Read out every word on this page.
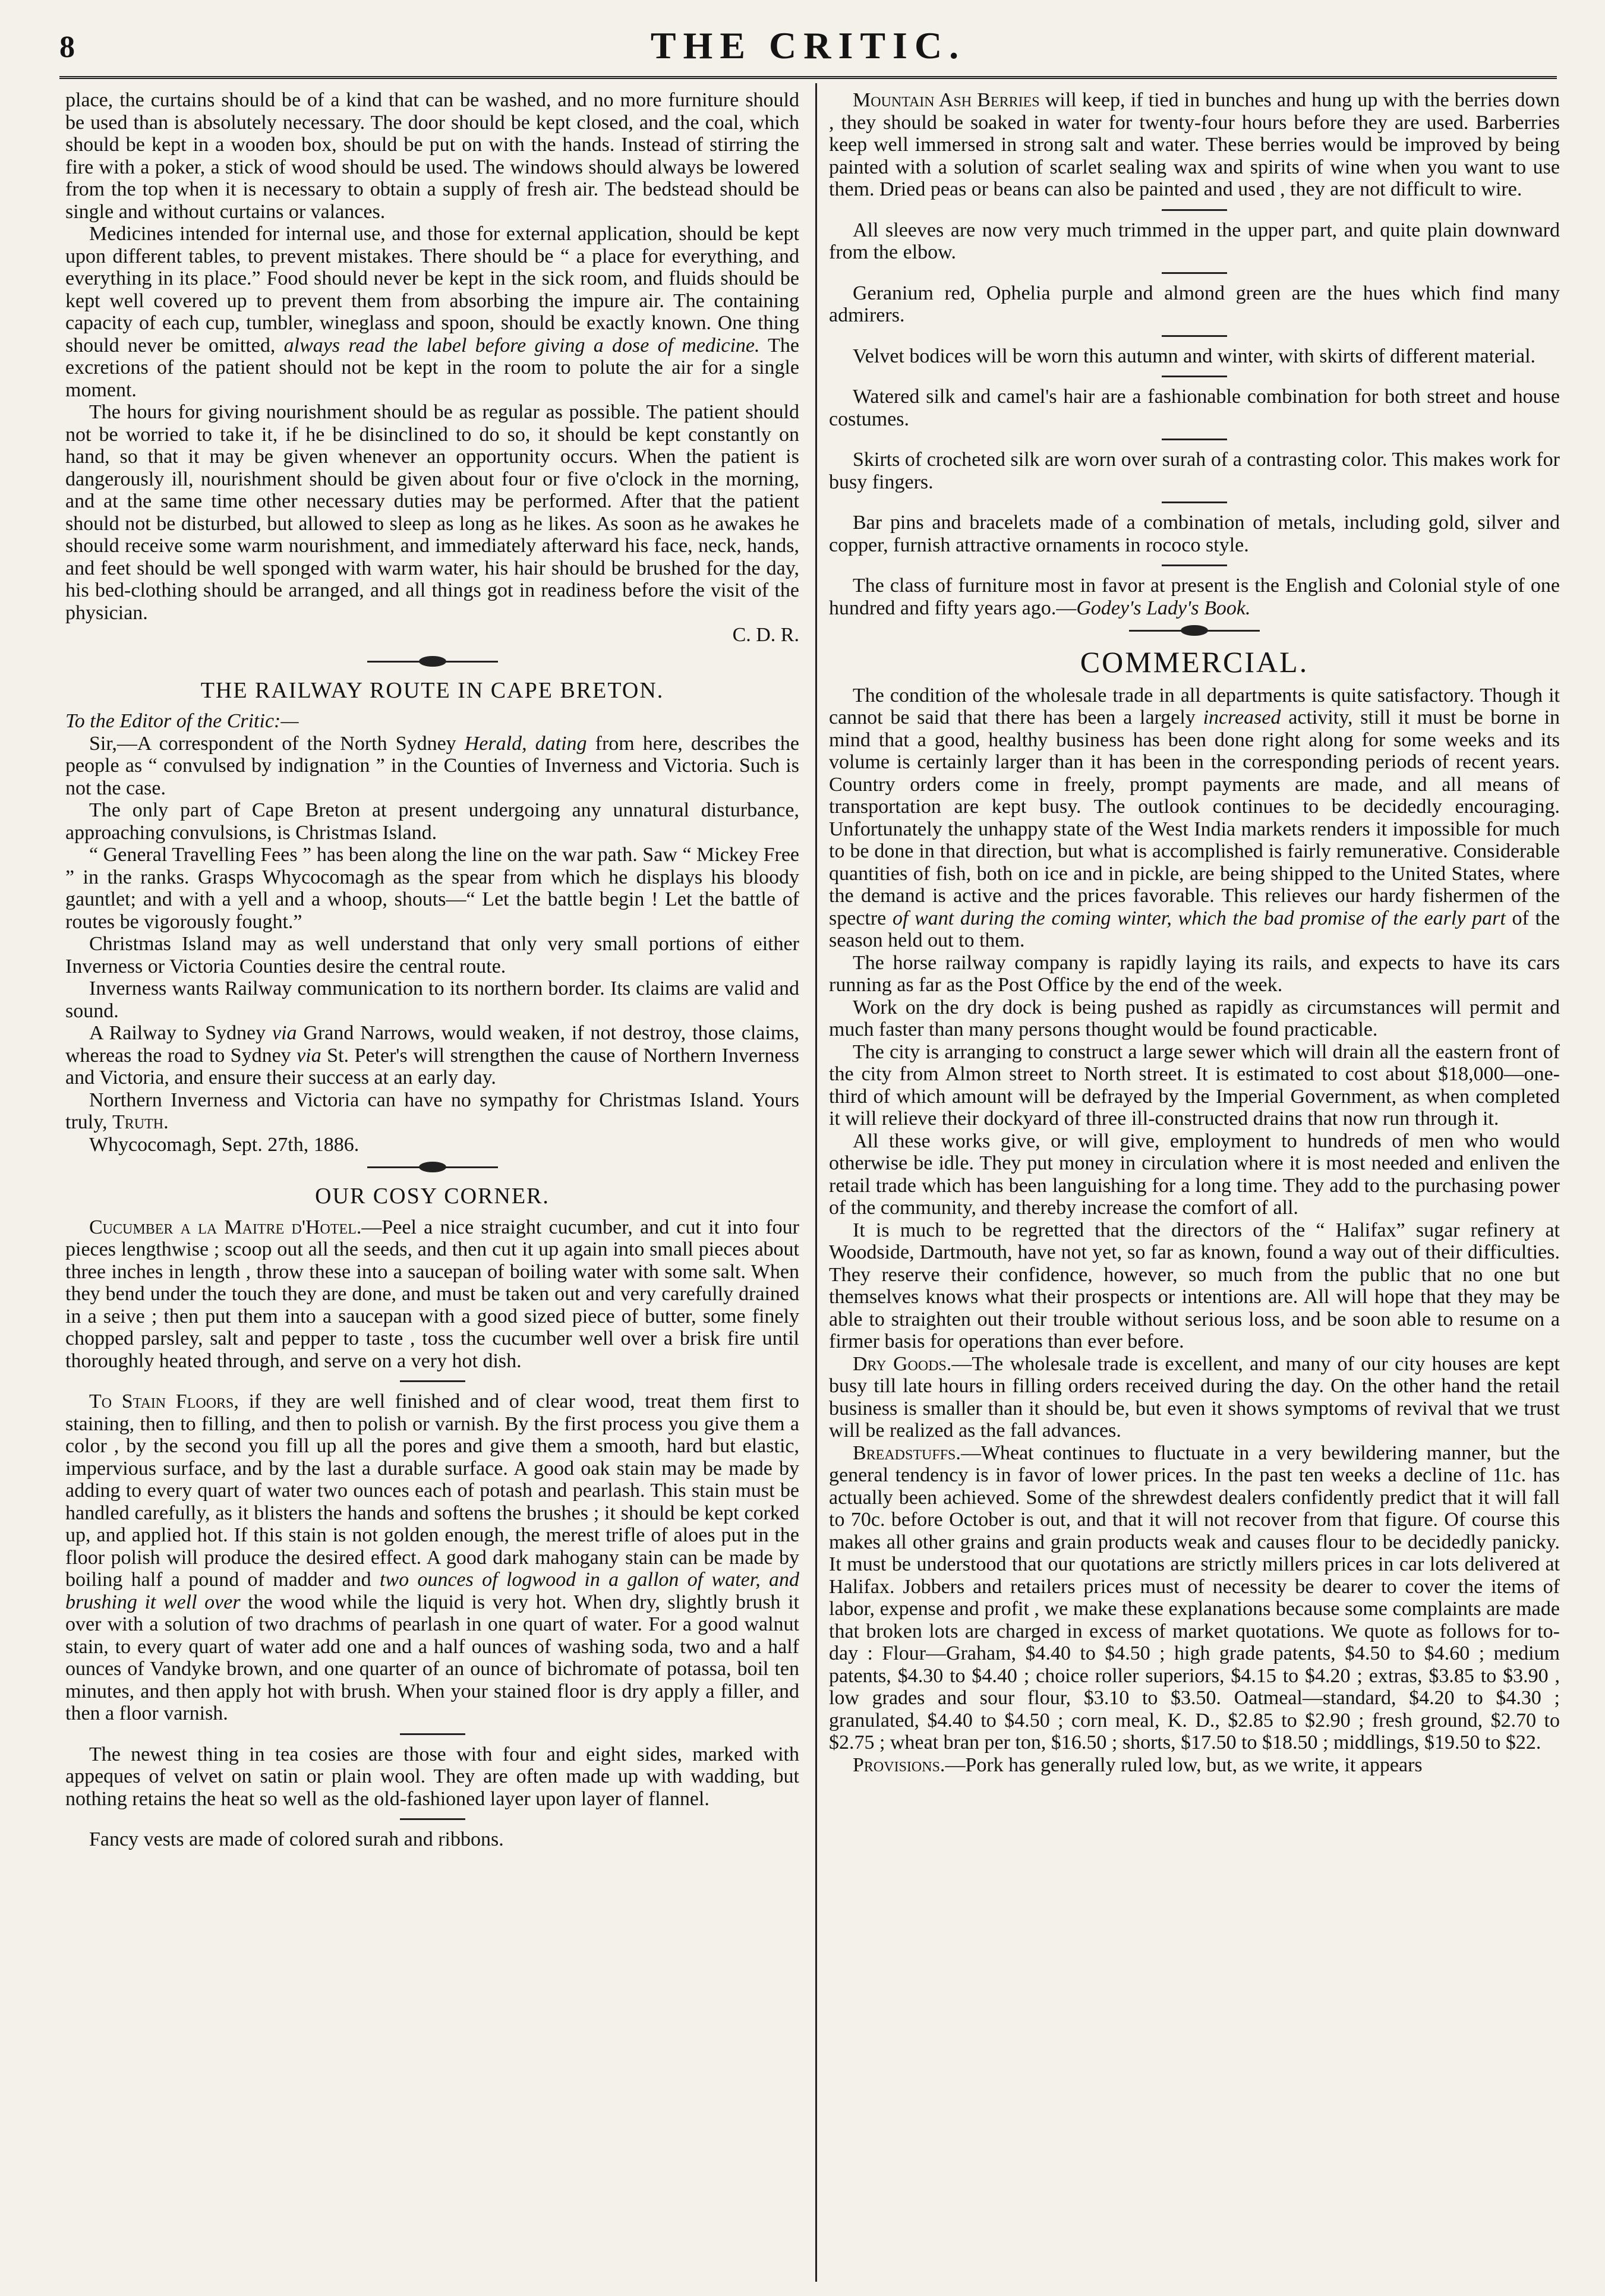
8	THE CRITIC.

place, the curtains should be of a kind that can be washed, and no more furniture should be used than is absolutely necessary. The door should be kept closed, and the coal, which should be kept in a wooden box, should be put on with the hands. Instead of stirring the fire with a poker, a stick of wood should be used. The windows should always be lowered from the top when it is necessary to obtain a supply of fresh air. The bedstead should be single and without curtains or valances.

Medicines intended for internal use, and those for external application, should be kept upon different tables, to prevent mistakes. There should be “ a place for everything, and everything in its place.” Food should never be kept in the sick room, and fluids should be kept well covered up to prevent them from absorbing the impure air. The containing capacity of each cup, tumbler, wineglass and spoon, should be exactly known. One thing should never be omitted, always read the label before giving a dose of medicine. The excretions of the patient should not be kept in the room to polute the air for a single moment.

The hours for giving nourishment should be as regular as possible. The patient should not be worried to take it, if he be disinclined to do so, it should be kept constantly on hand, so that it may be given whenever an opportunity occurs. When the patient is dangerously ill, nourishment should be given about four or five o'clock in the morning, and at the same time other necessary duties may be performed. After that the patient should not be disturbed, but allowed to sleep as long as he likes. As soon as he awakes he should receive some warm nourishment, and immediately afterward his face, neck, hands, and feet should be well sponged with warm water, his hair should be brushed for the day, his bed-clothing should be arranged, and all things got in readiness before the visit of the physician.

C. D. R.
THE RAILWAY ROUTE IN CAPE BRETON.

To the Editor of the Critic:—

Sir,—A correspondent of the North Sydney Herald, dating from here, describes the people as “ convulsed by indignation ” in the Counties of Inverness and Victoria. Such is not the case.

The only part of Cape Breton at present undergoing any unnatural disturbance, approaching convulsions, is Christmas Island.

“ General Travelling Fees ” has been along the line on the war path. Saw “ Mickey Free ” in the ranks. Grasps Whycocomagh as the spear from which he displays his bloody gauntlet; and with a yell and a whoop, shouts—“ Let the battle begin ! Let the battle of routes be vigorously fought.”

Christmas Island may as well understand that only very small portions of either Inverness or Victoria Counties desire the central route.

Inverness wants Railway communication to its northern border. Its claims are valid and sound.

A Railway to Sydney via Grand Narrows, would weaken, if not destroy, those claims, whereas the road to Sydney via St. Peter's will strengthen the cause of Northern Inverness and Victoria, and ensure their success at an early day.

Northern Inverness and Victoria can have no sympathy for Christmas Island. Yours truly, Truth.

Whycocomagh, Sept. 27th, 1886.

OUR COSY CORNER.

Cucumber a la Maitre d'Hotel.—Peel a nice straight cucumber, and cut it into four pieces lengthwise ; scoop out all the seeds, and then cut it up again into small pieces about three inches in length , throw these into a saucepan of boiling water with some salt. When they bend under the touch they are done, and must be taken out and very carefully drained in a seive ; then put them into a saucepan with a good sized piece of butter, some finely chopped parsley, salt and pepper to taste , toss the cucumber well over a brisk fire until thoroughly heated through, and serve on a very hot dish.

To Stain Floors, if they are well finished and of clear wood, treat them first to staining, then to filling, and then to polish or varnish. By the first process you give them a color , by the second you fill up all the pores and give them a smooth, hard but elastic, impervious surface, and by the last a durable surface. A good oak stain may be made by adding to every quart of water two ounces each of potash and pearlash. This stain must be handled carefully, as it blisters the hands and softens the brushes ; it should be kept corked up, and applied hot. If this stain is not golden enough, the merest trifle of aloes put in the floor polish will produce the desired effect. A good dark mahogany stain can be made by boiling half a pound of madder and two ounces of logwood in a gallon of water, and brushing it well over the wood while the liquid is very hot. When dry, slightly brush it over with a solution of two drachms of pearlash in one quart of water. For a good walnut stain, to every quart of water add one and a half ounces of washing soda, two and a half ounces of Vandyke brown, and one quarter of an ounce of bichromate of potassa, boil ten minutes, and then apply hot with brush. When your stained floor is dry apply a filler, and then a floor varnish.

The newest thing in tea cosies are those with four and eight sides, marked with appeques of velvet on satin or plain wool. They are often made up with wadding, but nothing retains the heat so well as the old-fashioned layer upon layer of flannel.

Fancy vests are made of colored surah and ribbons.

Mountain Ash Berries will keep, if tied in bunches and hung up with the berries down , they should be soaked in water for twenty-four hours before they are used. Barberries keep well immersed in strong salt and water. These berries would be improved by being painted with a solution of scarlet sealing wax and spirits of wine when you want to use them. Dried peas or beans can also be painted and used , they are not difficult to wire.

All sleeves are now very much trimmed in the upper part, and quite plain downward from the elbow.

Geranium red, Ophelia purple and almond green are the hues which find many admirers.

Velvet bodices will be worn this autumn and winter, with skirts of different material.

Watered silk and camel's hair are a fashionable combination for both street and house costumes.

Skirts of crocheted silk are worn over surah of a contrasting color. This makes work for busy fingers.

Bar pins and bracelets made of a combination of metals, including gold, silver and copper, furnish attractive ornaments in rococo style.

The class of furniture most in favor at present is the English and Colonial style of one hundred and fifty years ago.—Godey's Lady's Book.

COMMERCIAL.

The condition of the wholesale trade in all departments is quite satisfactory. Though it cannot be said that there has been a largely increased activity, still it must be borne in mind that a good, healthy business has been done right along for some weeks and its volume is certainly larger than it has been in the corresponding periods of recent years. Country orders come in freely, prompt payments are made, and all means of transportation are kept busy. The outlook continues to be decidedly encouraging. Unfortunately the unhappy state of the West India markets renders it impossible for much to be done in that direction, but what is accomplished is fairly remunerative. Considerable quantities of fish, both on ice and in pickle, are being shipped to the United States, where the demand is active and the prices favorable. This relieves our hardy fishermen of the spectre of want during the coming winter, which the bad promise of the early part of the season held out to them.

The horse railway company is rapidly laying its rails, and expects to have its cars running as far as the Post Office by the end of the week.

Work on the dry dock is being pushed as rapidly as circumstances will permit and much faster than many persons thought would be found practicable.

The city is arranging to construct a large sewer which will drain all the eastern front of the city from Almon street to North street. It is estimated to cost about $18,000—one-third of which amount will be defrayed by the Imperial Government, as when completed it will relieve their dockyard of three ill-constructed drains that now run through it.

All these works give, or will give, employment to hundreds of men who would otherwise be idle. They put money in circulation where it is most needed and enliven the retail trade which has been languishing for a long time. They add to the purchasing power of the community, and thereby increase the comfort of all.

It is much to be regretted that the directors of the “ Halifax” sugar refinery at Woodside, Dartmouth, have not yet, so far as known, found a way out of their difficulties. They reserve their confidence, however, so much from the public that no one but themselves knows what their prospects or intentions are. All will hope that they may be able to straighten out their trouble without serious loss, and be soon able to resume on a firmer basis for operations than ever before.

Dry Goods.—The wholesale trade is excellent, and many of our city houses are kept busy till late hours in filling orders received during the day. On the other hand the retail business is smaller than it should be, but even it shows symptoms of revival that we trust will be realized as the fall advances.

Breadstuffs.—Wheat continues to fluctuate in a very bewildering manner, but the general tendency is in favor of lower prices. In the past ten weeks a decline of 11c. has actually been achieved. Some of the shrewdest dealers confidently predict that it will fall to 70c. before October is out, and that it will not recover from that figure. Of course this makes all other grains and grain products weak and causes flour to be decidedly panicky. It must be understood that our quotations are strictly millers prices in car lots delivered at Halifax. Jobbers and retailers prices must of necessity be dearer to cover the items of labor, expense and profit , we make these explanations because some complaints are made that broken lots are charged in excess of market quotations. We quote as follows for to-day : Flour—Graham, $4.40 to $4.50 ; high grade patents, $4.50 to $4.60 ; medium patents, $4.30 to $4.40 ; choice roller superiors, $4.15 to $4.20 ; extras, $3.85 to $3.90 , low grades and sour flour, $3.10 to $3.50. Oatmeal—standard, $4.20 to $4.30 ; granulated, $4.40 to $4.50 ; corn meal, K. D., $2.85 to $2.90 ; fresh ground, $2.70 to $2.75 ; wheat bran per ton, $16.50 ; shorts, $17.50 to $18.50 ; middlings, $19.50 to $22.

Provisions.—Pork has generally ruled low, but, as we write, it appears
